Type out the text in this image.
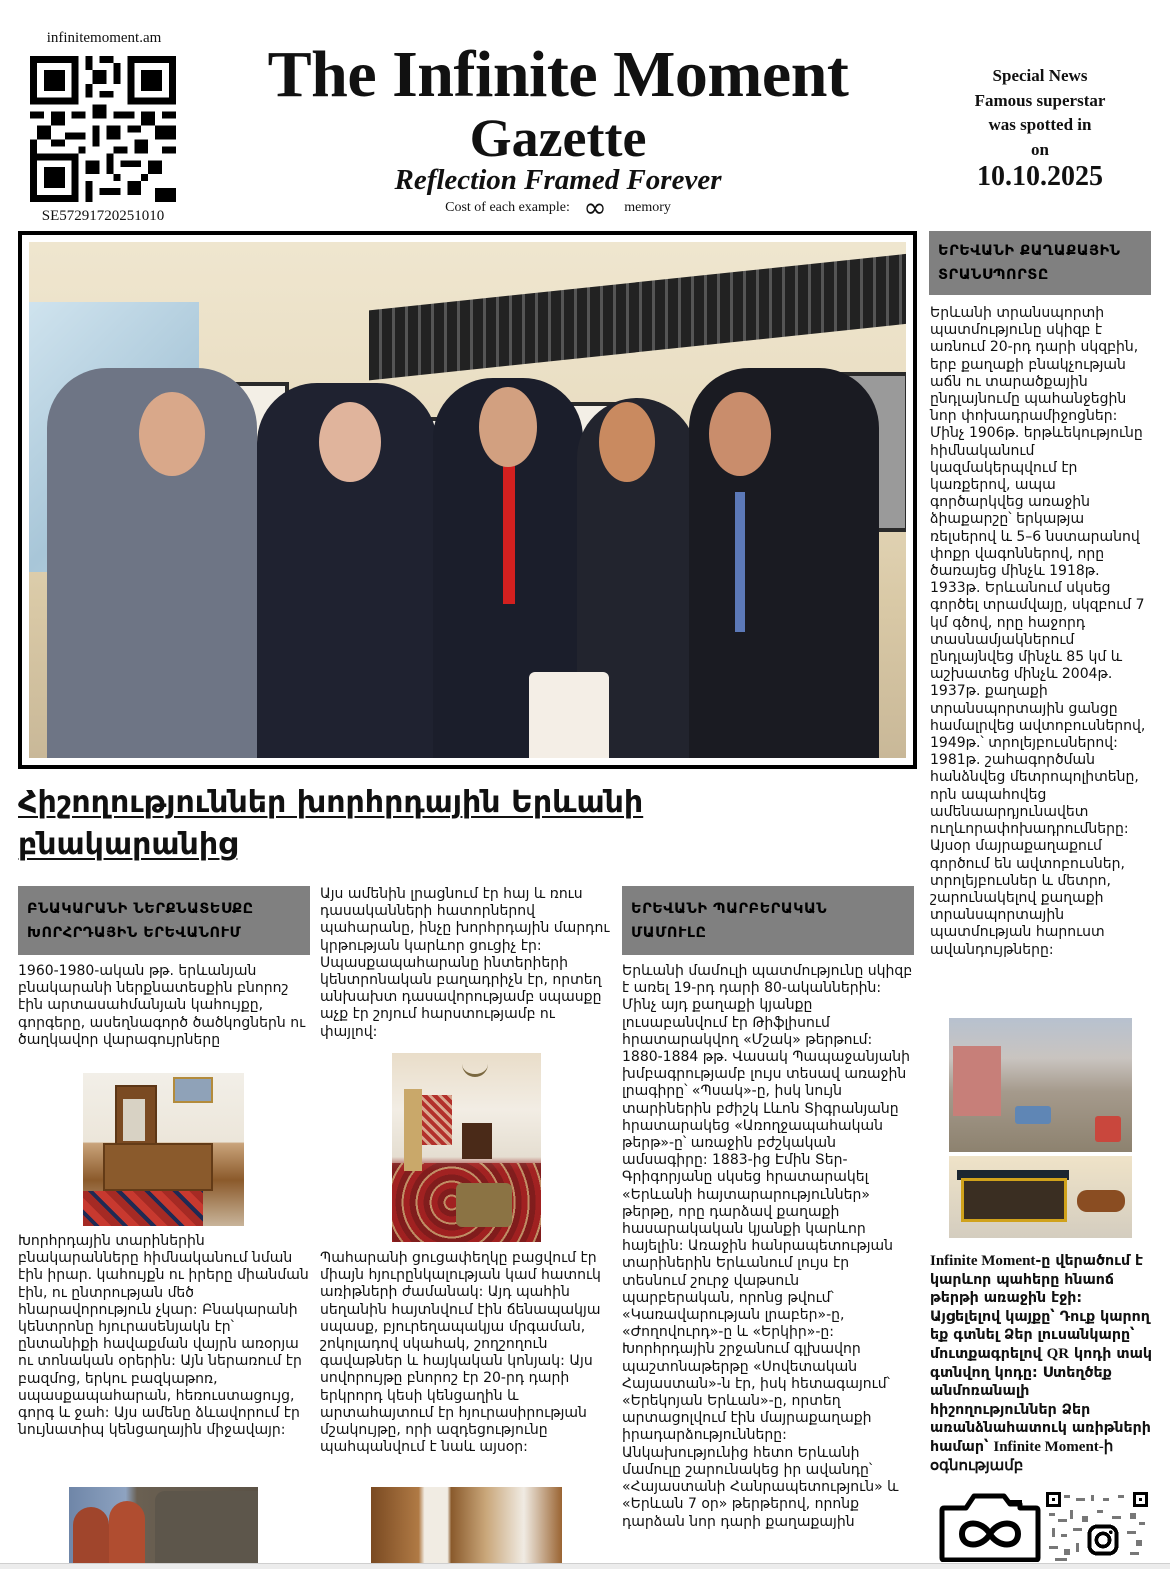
infinitemoment.am
SE57291720251010
The Infinite Moment
Gazette
Reflection Framed Forever
Cost of each example: ∞ memory
Special News
Famous superstar
was spotted in
on
10.10.2025
ԵՐԵՎԱՆԻ ՔԱՂԱՔԱՅԻՆ ՏՐԱՆՍՊՈՐՏԸ
Երևանի տրանսպորտի պատմությունը սկիզբ է առնում 20-րդ դարի սկզբին, երբ քաղաքի բնակչության աճն ու տարածքային ընդլայնումը պահանջեցին նոր փոխադրամիջոցներ: Մինչ 1906թ. երթևեկությունը հիմնականում կազմակերպվում էր կառքերով, ապա գործարկվեց առաջին ձիաքարշը՝ երկաթյա ռելսերով և 5–6 նստարանով փոքր վագոններով, որը ծառայեց մինչև 1918թ. 1933թ. Երևանում սկսեց գործել տրամվայը, սկզբում 7 կմ գծով, որը հաջորդ տասնամյակներում ընդլայնվեց մինչև 85 կմ և աշխատեց մինչև 2004թ. 1937թ. քաղաքի տրանսպորտային ցանցը համալրվեց ավտոբուսներով, 1949թ.՝ տրոլեյբուսներով: 1981թ. շահագործման հանձնվեց մետրոպոլիտենը, որն ապահովեց ամենաարդյունավետ ուղևորափոխադրումները: Այսօր մայրաքաղաքում գործում են ավտոբուսներ, տրոլեյբուսներ և մետրո, շարունակելով քաղաքի տրանսպորտային պատմության հարուստ ավանդույթները:
Infinite Moment-ը վերածում է կարևոր պահերը հնաոճ թերթի առաջին էջի: Այցելելով կայքը՝ Դուք կարող եք գտնել Ձեր լուսանկարը՝ մուտքագրելով QR կոդի տակ գտնվող կոդը: Ստեղծեք անմոռանալի հիշողություններ Ձեր առանձնահատուկ առիթների համար՝ Infinite Moment-ի օգնությամբ
Հիշողություններ խորհրդային Երևանի բնակարանից
ԲՆԱԿԱՐԱՆԻ ՆԵՐՔՆԱՏԵՍՔԸ ԽՈՐՀՐԴԱՅԻՆ ԵՐԵՎԱՆՈՒՄ
1960-1980-ական թթ. երևանյան բնակարանի ներքնատեսքին բնորոշ էին արտասահմանյան կահույքը, գորգերը, ասեղնագործ ծածկոցներն ու ծաղկավոր վարագույրները
Խորհրդային տարիներին բնակարանները հիմնականում նման էին իրար. կահույքն ու իրերը միանման էին, ու ընտրության մեծ հնարավորություն չկար: Բնակարանի կենտրոնը հյուրասենյակն էր՝ ընտանիքի հավաքման վայրն առօրյա ու տոնական օրերին: Այն ներառում էր բազմոց, երկու բազկաթոռ, սպասքապահարան, հեռուստացույց, գորգ և ջահ: Այս ամենը ձևավորում էր նույնատիպ կենցաղային միջավայր:
Այս ամենին լրացնում էր հայ և ռուս դասականների հատորներով պահարանը, ինչը խորհրդային մարդու կրթության կարևոր ցուցիչ էր: Սպասքապահարանը ինտերիերի կենտրոնական բաղադրիչն էր, որտեղ անխախտ դասավորությամբ սպասքը աչք էր շոյում հարստությամբ ու փայլով:
Պահարանի ցուցափեղկը բացվում էր միայն հյուրընկալության կամ հատուկ առիթների ժամանակ: Այդ պահին սեղանին հայտնվում էին ճենապակյա սպասք, բյուրեղապակյա մրգաման, շոկոլադով սկահակ, շողշողուն գավաթներ և հայկական կոնյակ: Այս սովորույթը բնորոշ էր 20-րդ դարի երկրորդ կեսի կենցաղին և արտահայտում էր հյուրասիրության մշակույթը, որի ազդեցությունը պահպանվում է նաև այսօր:
ԵՐԵՎԱՆԻ ՊԱՐԲԵՐԱԿԱՆ ՄԱՄՈՒԼԸ
Երևանի մամուլի պատմությունը սկիզբ է առել 19-րդ դարի 80-ականներին: Մինչ այդ քաղաքի կյանքը լուսաբանվում էր Թիֆլիսում հրատարակվող «Մշակ» թերթում: 1880-1884 թթ. Վասակ Պապաջանյանի խմբագրությամբ լույս տեսավ առաջին լրագիրը՝ «Պսակ»-ը, իսկ նույն տարիներին բժիշկ Լևոն Տիգրանյանը հրատարակեց «Առողջապահական թերթ»-ը՝ առաջին բժշկական ամսագիրը: 1883-ից Էմին Տեր-Գրիգորյանը սկսեց հրատարակել «Երևանի հայտարարություններ» թերթը, որը դարձավ քաղաքի հասարակական կյանքի կարևոր հայելին: Առաջին հանրապետության տարիներին Երևանում լույս էր տեսնում շուրջ վաթսուն պարբերական, որոնց թվում՝ «Կառավարության լրաբեր»-ը, «Ժողովուրդ»-ը և «Երկիր»-ը: Խորհրդային շրջանում գլխավոր պաշտոնաթերթը «Սովետական Հայաստան»-ն էր, իսկ հետագայում՝ «Երեկոյան Երևան»-ը, որտեղ արտացոլվում էին մայրաքաղաքի իրադարձությունները: Անկախությունից հետո Երևանի մամուլը շարունակեց իր ավանդը՝ «Հայաստանի Հանրապետություն» և «Երևան 7 օր» թերթերով, որոնք դարձան նոր դարի քաղաքային
